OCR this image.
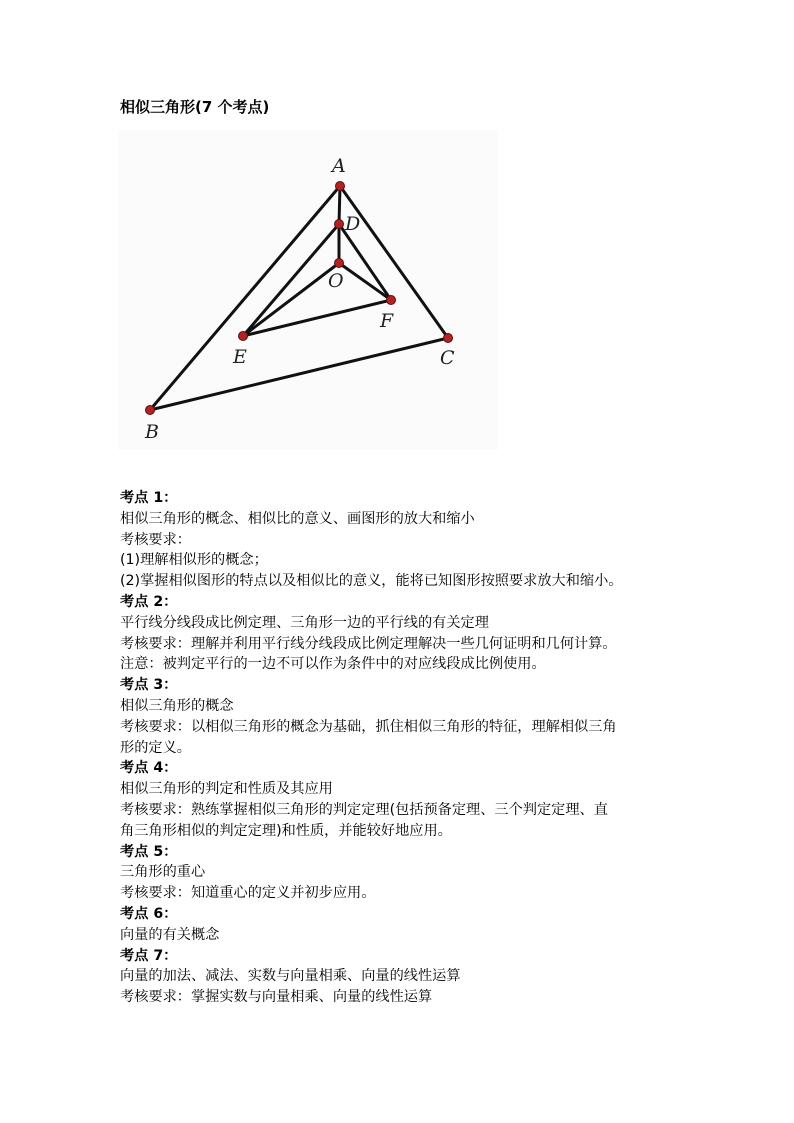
相似三角形(7 个考点)
A
D
O
F
E	C
B
考点 1：
相似三角形的概念、相似比的意义、画图形的放大和缩小
考核要求：
(1)理解相似形的概念；
(2)掌握相似图形的特点以及相似比的意义，能将已知图形按照要求放大和缩小。
考点 2：
平行线分线段成比例定理、三角形一边的平行线的有关定理
考核要求：理解并利用平行线分线段成比例定理解决一些几何证明和几何计算。
注意：被判定平行的一边不可以作为条件中的对应线段成比例使用。
考点 3：
相似三角形的概念
考核要求：以相似三角形的概念为基础，抓住相似三角形的特征，理解相似三角
形的定义。
考点 4：
相似三角形的判定和性质及其应用
考核要求：熟练掌握相似三角形的判定定理(包括预备定理、三个判定定理、直
角三角形相似的判定定理)和性质，并能较好地应用。
考点 5：
三角形的重心
考核要求：知道重心的定义并初步应用。
考点 6：
向量的有关概念
考点 7：
向量的加法、减法、实数与向量相乘、向量的线性运算
考核要求：掌握实数与向量相乘、向量的线性运算
